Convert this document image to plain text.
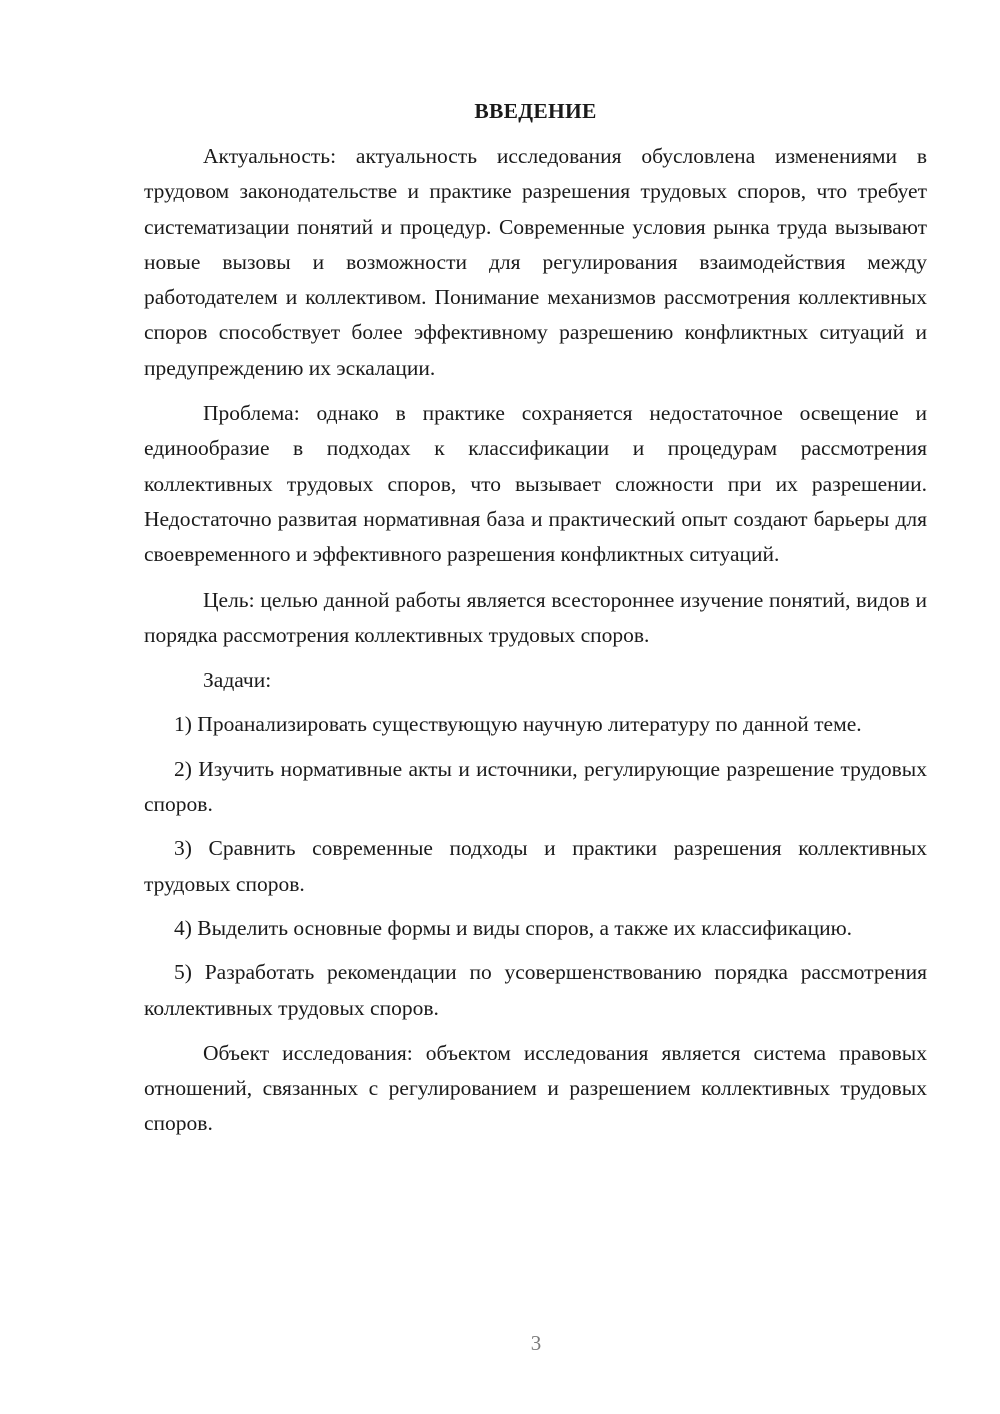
ВВЕДЕНИЕ

Актуальность: актуальность исследования обусловлена изменениями в трудовом законодательстве и практике разрешения трудовых споров, что требует систематизации понятий и процедур. Современные условия рынка труда вызывают новые вызовы и возможности для регулирования взаимодействия между работодателем и коллективом. Понимание механизмов рассмотрения коллективных споров способствует более эффективному разрешению конфликтных ситуаций и предупреждению их эскалации.

Проблема: однако в практике сохраняется недостаточное освещение и единообразие в подходах к классификации и процедурам рассмотрения коллективных трудовых споров, что вызывает сложности при их разрешении. Недостаточно развитая нормативная база и практический опыт создают барьеры для своевременного и эффективного разрешения конфликтных ситуаций.

Цель: целью данной работы является всестороннее изучение понятий, видов и порядка рассмотрения коллективных трудовых споров.

Задачи:

1) Проанализировать существующую научную литературу по данной теме.

2) Изучить нормативные акты и источники, регулирующие разрешение трудовых споров.

3) Сравнить современные подходы и практики разрешения коллективных трудовых споров.

4) Выделить основные формы и виды споров, а также их классификацию.

5) Разработать рекомендации по усовершенствованию порядка рассмотрения коллективных трудовых споров.

Объект исследования: объектом исследования является система правовых отношений, связанных с регулированием и разрешением коллективных трудовых споров.

3
